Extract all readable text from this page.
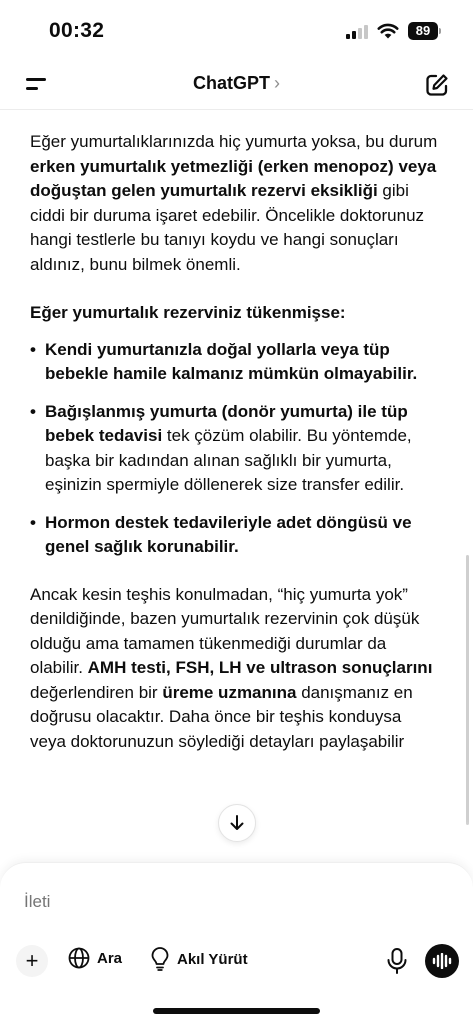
00:32	89
ChatGPT ›

Eğer yumurtalıklarınızda hiç yumurta yoksa, bu durum erken yumurtalık yetmezliği (erken menopoz) veya doğuştan gelen yumurtalık rezervi eksikliği gibi ciddi bir duruma işaret edebilir. Öncelikle doktorunuz hangi testlerle bu tanıyı koydu ve hangi sonuçları aldınız, bunu bilmek önemli.

Eğer yumurtalık rezerviniz tükenmişse:

• Kendi yumurtanızla doğal yollarla veya tüp bebekle hamile kalmanız mümkün olmayabilir.
• Bağışlanmış yumurta (donör yumurta) ile tüp bebek tedavisi tek çözüm olabilir. Bu yöntemde, başka bir kadından alınan sağlıklı bir yumurta, eşinizin spermiyle döllenerek size transfer edilir.
• Hormon destek tedavileriyle adet döngüsü ve genel sağlık korunabilir.

Ancak kesin teşhis konulmadan, “hiç yumurta yok” denildiğinde, bazen yumurtalık rezervinin çok düşük olduğu ama tamamen tükenmediği durumlar da olabilir. AMH testi, FSH, LH ve ultrason sonuçlarını değerlendiren bir üreme uzmanına danışmanız en doğrusu olacaktır. Daha önce bir teşhis konduysa veya doktorunuzun söylediği detayları paylaşabilir

İleti
+	Ara	Akıl Yürüt
